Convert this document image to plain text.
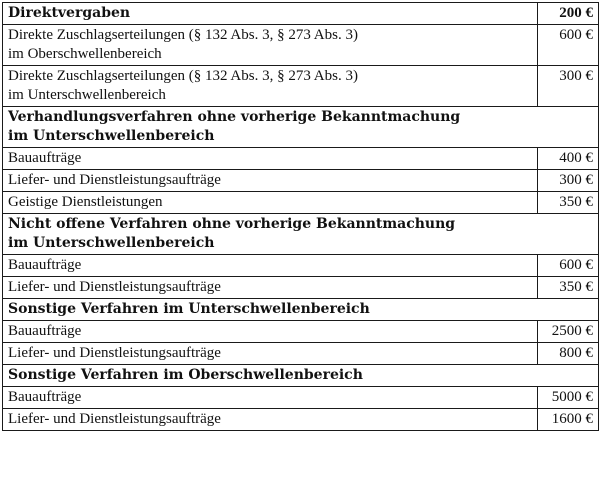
Direktvergaben	200 €
Direkte Zuschlagserteilungen (§ 132 Abs. 3, § 273 Abs. 3)
im Oberschwellenbereich	600 €
Direkte Zuschlagserteilungen (§ 132 Abs. 3, § 273 Abs. 3)
im Unterschwellenbereich	300 €
Verhandlungsverfahren ohne vorherige Bekanntmachung
im Unterschwellenbereich	
Bauaufträge	400 €
Liefer- und Dienstleistungsaufträge	300 €
Geistige Dienstleistungen	350 €
Nicht offene Verfahren ohne vorherige Bekanntmachung
im Unterschwellenbereich	
Bauaufträge	600 €
Liefer- und Dienstleistungsaufträge	350 €
Sonstige Verfahren im Unterschwellenbereich	
Bauaufträge	2500 €
Liefer- und Dienstleistungsaufträge	800 €
Sonstige Verfahren im Oberschwellenbereich	
Bauaufträge	5000 €
Liefer- und Dienstleistungsaufträge	1600 €
